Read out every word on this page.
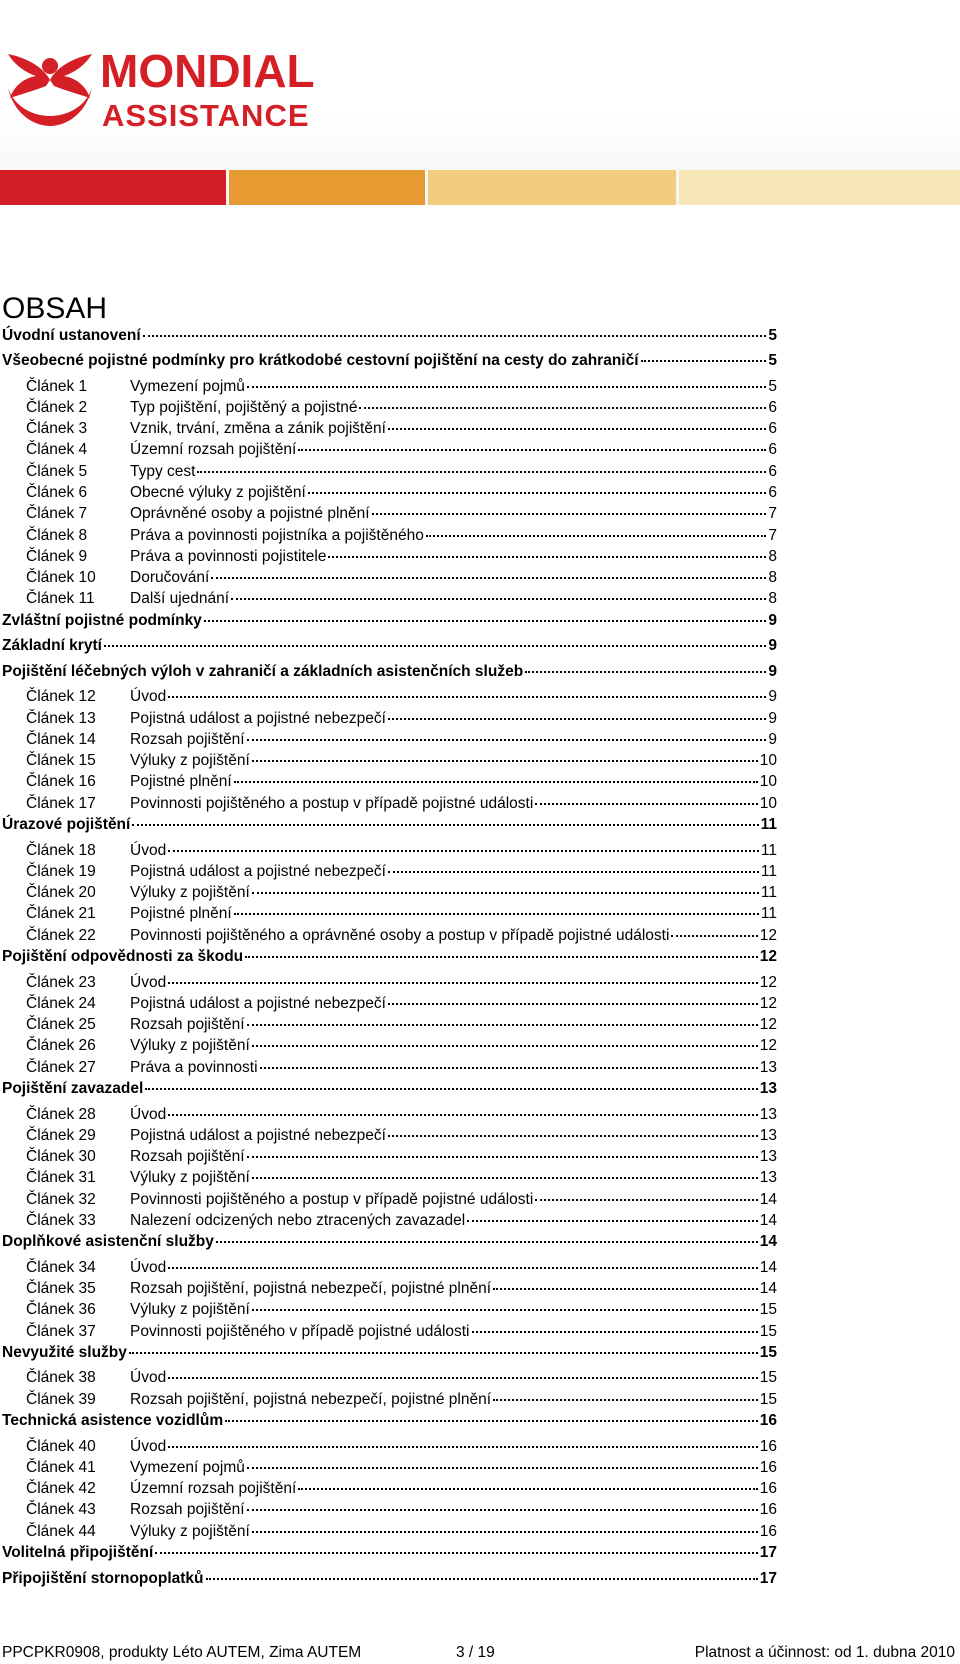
MONDIAL
ASSISTANCE
OBSAH
Úvodní ustanovení	5
Všeobecné pojistné podmínky pro krátkodobé cestovní pojištění na cesty do zahraničí	5
Článek 1	Vymezení pojmů	5
Článek 2	Typ pojištění, pojištěný a pojistné	6
Článek 3	Vznik, trvání, změna a zánik pojištění	6
Článek 4	Územní rozsah pojištění	6
Článek 5	Typy cest	6
Článek 6	Obecné výluky z pojištění	6
Článek 7	Oprávněné osoby a pojistné plnění	7
Článek 8	Práva a povinnosti pojistníka a pojištěného	7
Článek 9	Práva a povinnosti pojistitele	8
Článek 10	Doručování	8
Článek 11	Další ujednání	8
Zvláštní pojistné podmínky	9
Základní krytí	9
Pojištění léčebných výloh v zahraničí a základních asistenčních služeb	9
Článek 12	Úvod	9
Článek 13	Pojistná událost a pojistné nebezpečí	9
Článek 14	Rozsah pojištění	9
Článek 15	Výluky z pojištění	10
Článek 16	Pojistné plnění	10
Článek 17	Povinnosti pojištěného a postup v případě pojistné události	10
Úrazové pojištění	11
Článek 18	Úvod	11
Článek 19	Pojistná událost a pojistné nebezpečí	11
Článek 20	Výluky z pojištění	11
Článek 21	Pojistné plnění	11
Článek 22	Povinnosti pojištěného a oprávněné osoby a postup v případě pojistné události	12
Pojištění odpovědnosti za škodu	12
Článek 23	Úvod	12
Článek 24	Pojistná událost a pojistné nebezpečí	12
Článek 25	Rozsah pojištění	12
Článek 26	Výluky z pojištění	12
Článek 27	Práva a povinnosti	13
Pojištění zavazadel	13
Článek 28	Úvod	13
Článek 29	Pojistná událost a pojistné nebezpečí	13
Článek 30	Rozsah pojištění	13
Článek 31	Výluky z pojištění	13
Článek 32	Povinnosti pojištěného a postup v případě pojistné události	14
Článek 33	Nalezení odcizených nebo ztracených zavazadel	14
Doplňkové asistenční služby	14
Článek 34	Úvod	14
Článek 35	Rozsah pojištění, pojistná nebezpečí, pojistné plnění	14
Článek 36	Výluky z pojištění	15
Článek 37	Povinnosti pojištěného v případě pojistné události	15
Nevyužité služby	15
Článek 38	Úvod	15
Článek 39	Rozsah pojištění, pojistná nebezpečí, pojistné plnění	15
Technická asistence vozidlům	16
Článek 40	Úvod	16
Článek 41	Vymezení pojmů	16
Článek 42	Územní rozsah pojištění	16
Článek 43	Rozsah pojištění	16
Článek 44	Výluky z pojištění	16
Volitelná připojištění	17
Připojištění stornopoplatků	17
PPCPKR0908, produkty Léto AUTEM, Zima AUTEM	3 / 19	Platnost a účinnost: od 1. dubna 2010
